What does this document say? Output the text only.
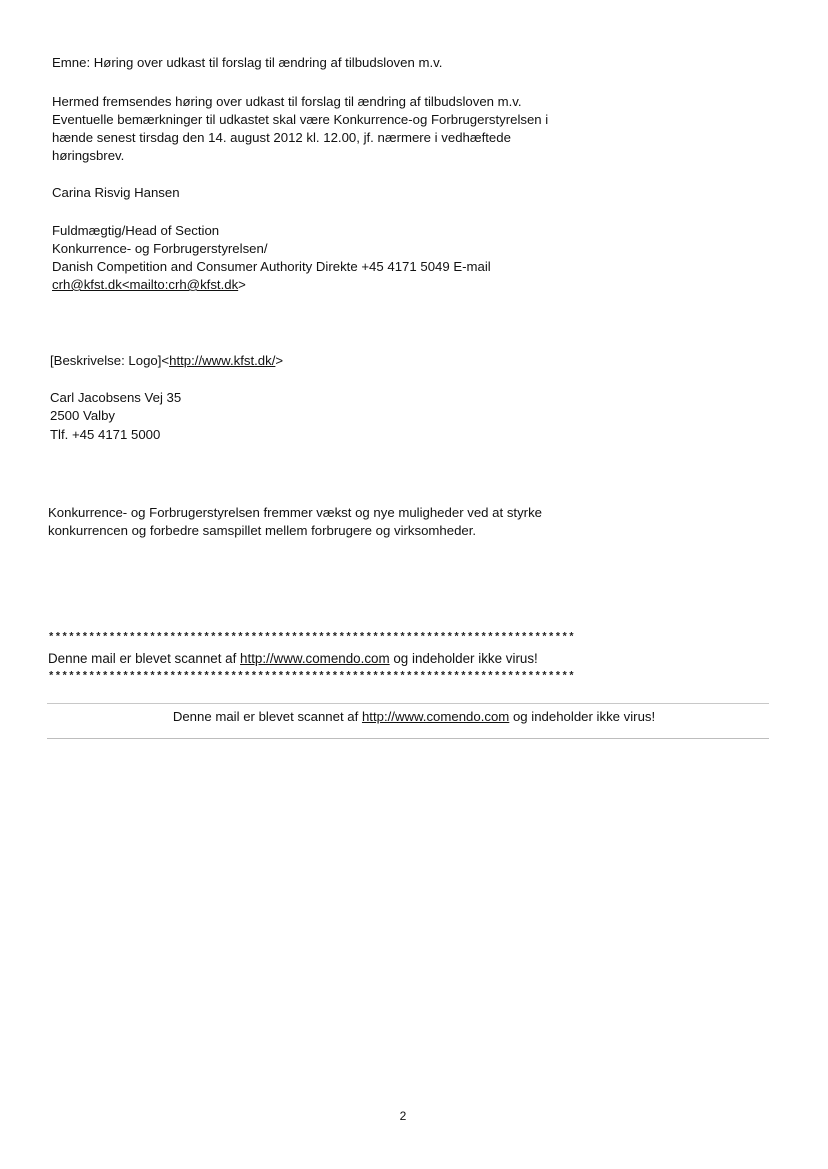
Emne: Høring over udkast til forslag til ændring af tilbudsloven m.v.
Hermed fremsendes høring over udkast til forslag til ændring af tilbudsloven m.v.
Eventuelle bemærkninger til udkastet skal være Konkurrence-og Forbrugerstyrelsen i
hænde senest tirsdag den 14. august 2012 kl. 12.00, jf. nærmere i vedhæftede
høringsbrev.
Carina Risvig Hansen
Fuldmægtig/Head of Section
Konkurrence- og Forbrugerstyrelsen/
Danish Competition and Consumer Authority Direkte +45 4171 5049 E-mail
crh@kfst.dk<mailto:crh@kfst.dk>
[Beskrivelse: Logo]<http://www.kfst.dk/>
Carl Jacobsens Vej 35
2500 Valby
Tlf. +45 4171 5000
Konkurrence- og Forbrugerstyrelsen fremmer vækst og nye muligheder ved at styrke
konkurrencen og forbedre samspillet mellem forbrugere og virksomheder.
******************************************************************************
Denne mail er blevet scannet af http://www.comendo.com og indeholder ikke virus!
******************************************************************************
Denne mail er blevet scannet af http://www.comendo.com og indeholder ikke virus!
2
